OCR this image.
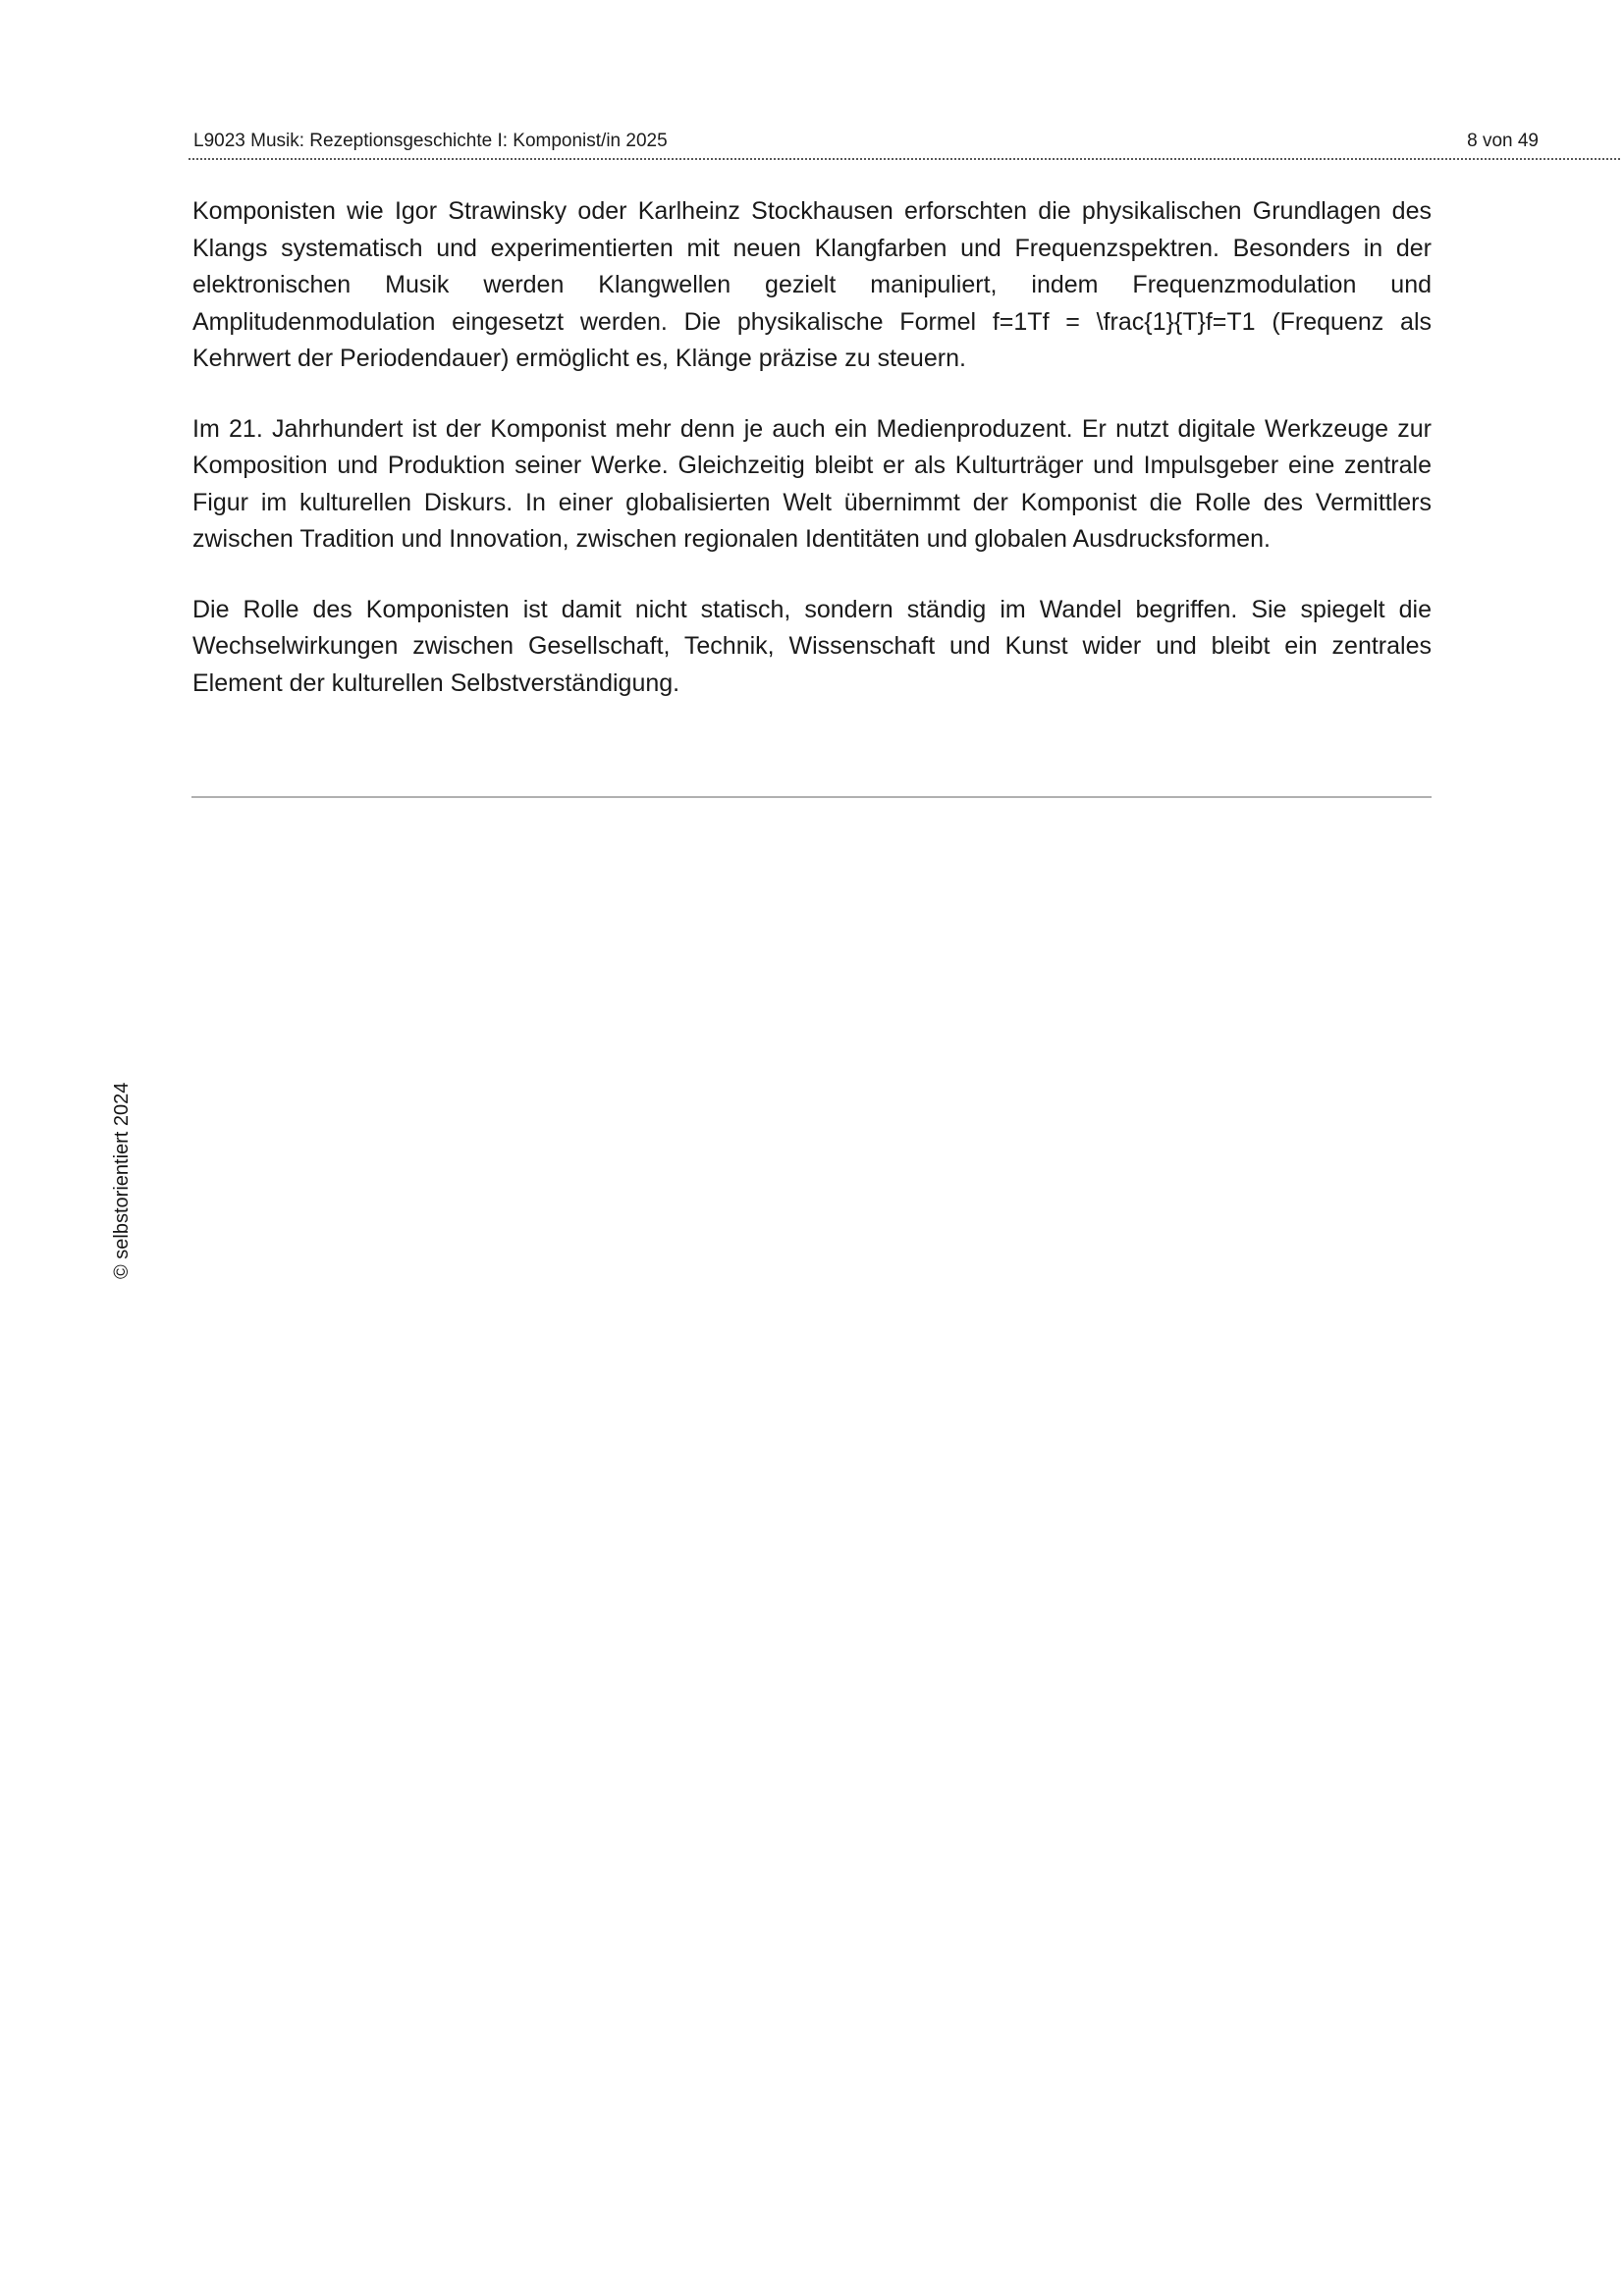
L9023 Musik: Rezeptionsgeschichte I: Komponist/in 2025	8 von 49

Komponisten wie Igor Strawinsky oder Karlheinz Stockhausen erforschten die physikalischen Grundlagen des Klangs systematisch und experimentierten mit neuen Klangfarben und Frequenzspektren. Besonders in der elektronischen Musik werden Klangwellen gezielt manipuliert, indem Frequenzmodulation und Amplitudenmodulation eingesetzt werden. Die physikalische Formel f=1Tf = \frac{1}{T}f=T1 (Frequenz als Kehrwert der Periodendauer) ermöglicht es, Klänge präzise zu steuern.

Im 21. Jahrhundert ist der Komponist mehr denn je auch ein Medienproduzent. Er nutzt digitale Werkzeuge zur Komposition und Produktion seiner Werke. Gleichzeitig bleibt er als Kulturträger und Impulsgeber eine zentrale Figur im kulturellen Diskurs. In einer globalisierten Welt übernimmt der Komponist die Rolle des Vermittlers zwischen Tradition und Innovation, zwischen regionalen Identitäten und globalen Ausdrucksformen.

Die Rolle des Komponisten ist damit nicht statisch, sondern ständig im Wandel begriffen. Sie spiegelt die Wechselwirkungen zwischen Gesellschaft, Technik, Wissenschaft und Kunst wider und bleibt ein zentrales Element der kulturellen Selbstverständigung.

© selbstorientiert 2024
